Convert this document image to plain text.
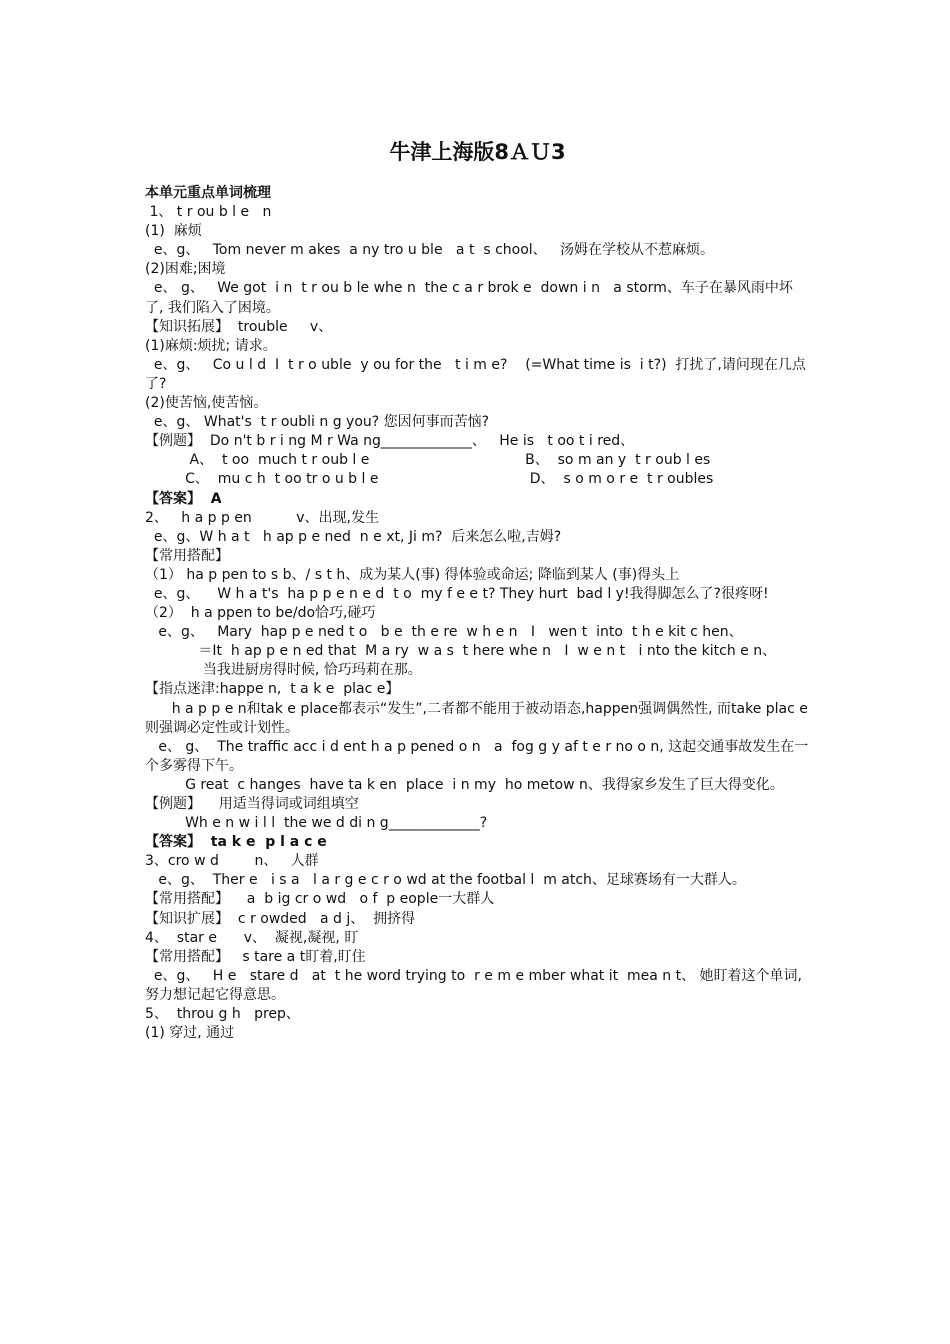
牛津上海版8ＡＵ3
本单元重点单词梳理
1、 t r ou b l e   n
(1)  麻烦
e、g、   Tom never m akes  a ny tro u ble   a t  s chool、   汤姆在学校从不惹麻烦。
(2)困难;困境
e、 g、   We got  i n  t r ou b le whe n  the c a r brok e  down i n   a storm、车子在暴风雨中坏了, 我们陷入了困境。
【知识拓展】  trouble     v、
(1)麻烦:烦扰; 请求。
e、g、   Co u l d  I  t r o uble  y ou for the   t i m e?    (=What time is  i t?)  打扰了,请问现在几点了?
(2)使苦恼,使苦恼。
e、g、 What's  t r oubli n g you? 您因何事而苦恼?
【例题】  Do n't b r i ng M r Wa ng_____________、   He is   t oo t i red、
A、  t oo  much t r oub l e                                   B、  so m an y  t r oub l es
C、  mu c h  t oo tr o u b l e                                  D、  s o m o r e  t r oubles
【答案】  A
2、   h a p p en          v、出现,发生
e、g、W h a t   h ap p e ned  n e xt, Ji m?  后来怎么啦,吉姆?
【常用搭配】
（1） ha p pen to s b、/ s t h、成为某人(事) 得体验或命运; 降临到某人 (事)得头上
e、g、    W h a t's  ha p p e n e d  t o  my f e e t? They hurt  bad l y!我得脚怎么了?很疼呀!
（2）  h a ppen to be/do恰巧,碰巧
e、g、   Mary  hap p e ned t o   b e  th e re  w h e n   I   wen t  into  t h e kit c hen、
＝It  h ap p e n ed that  M a ry  w a s  t here whe n   I  w e n t   i nto the kitch e n、
当我进厨房得时候, 恰巧玛莉在那。
【指点迷津:happe n,  t a k e  plac e】
h a p p e n和tak e place都表示“发生”,二者都不能用于被动语态,happen强调偶然性, 而take plac e则强调必定性或计划性。
e、 g、  The traffic acc i d ent h a p pened o n   a  fog g y af t e r no o n, 这起交通事故发生在一个多雾得下午。
G reat  c hanges  have ta k en  place  i n my  ho metow n、我得家乡发生了巨大得变化。
【例题】    用适当得词或词组填空
Wh e n w i l l  the we d di n g_____________?
【答案】  ta k e  p l a c e
3、cro w d        n、   人群
e、g、  Ther e   i s a   l a r g e c r o wd at the footbal l  m atch、足球赛场有一大群人。
【常用搭配】    a  b ig cr o wd   o f  p eople一大群人
【知识扩展】  c r owded   a d j、  拥挤得
4、  star e      v、  凝视,凝视, 盯
【常用搭配】   s tare a t盯着,盯住
e、g、   H e   stare d   at  t he word trying to  r e m e mber what it  mea n t、 她盯着这个单词,努力想记起它得意思。
5、  throu g h   prep、
(1) 穿过, 通过
